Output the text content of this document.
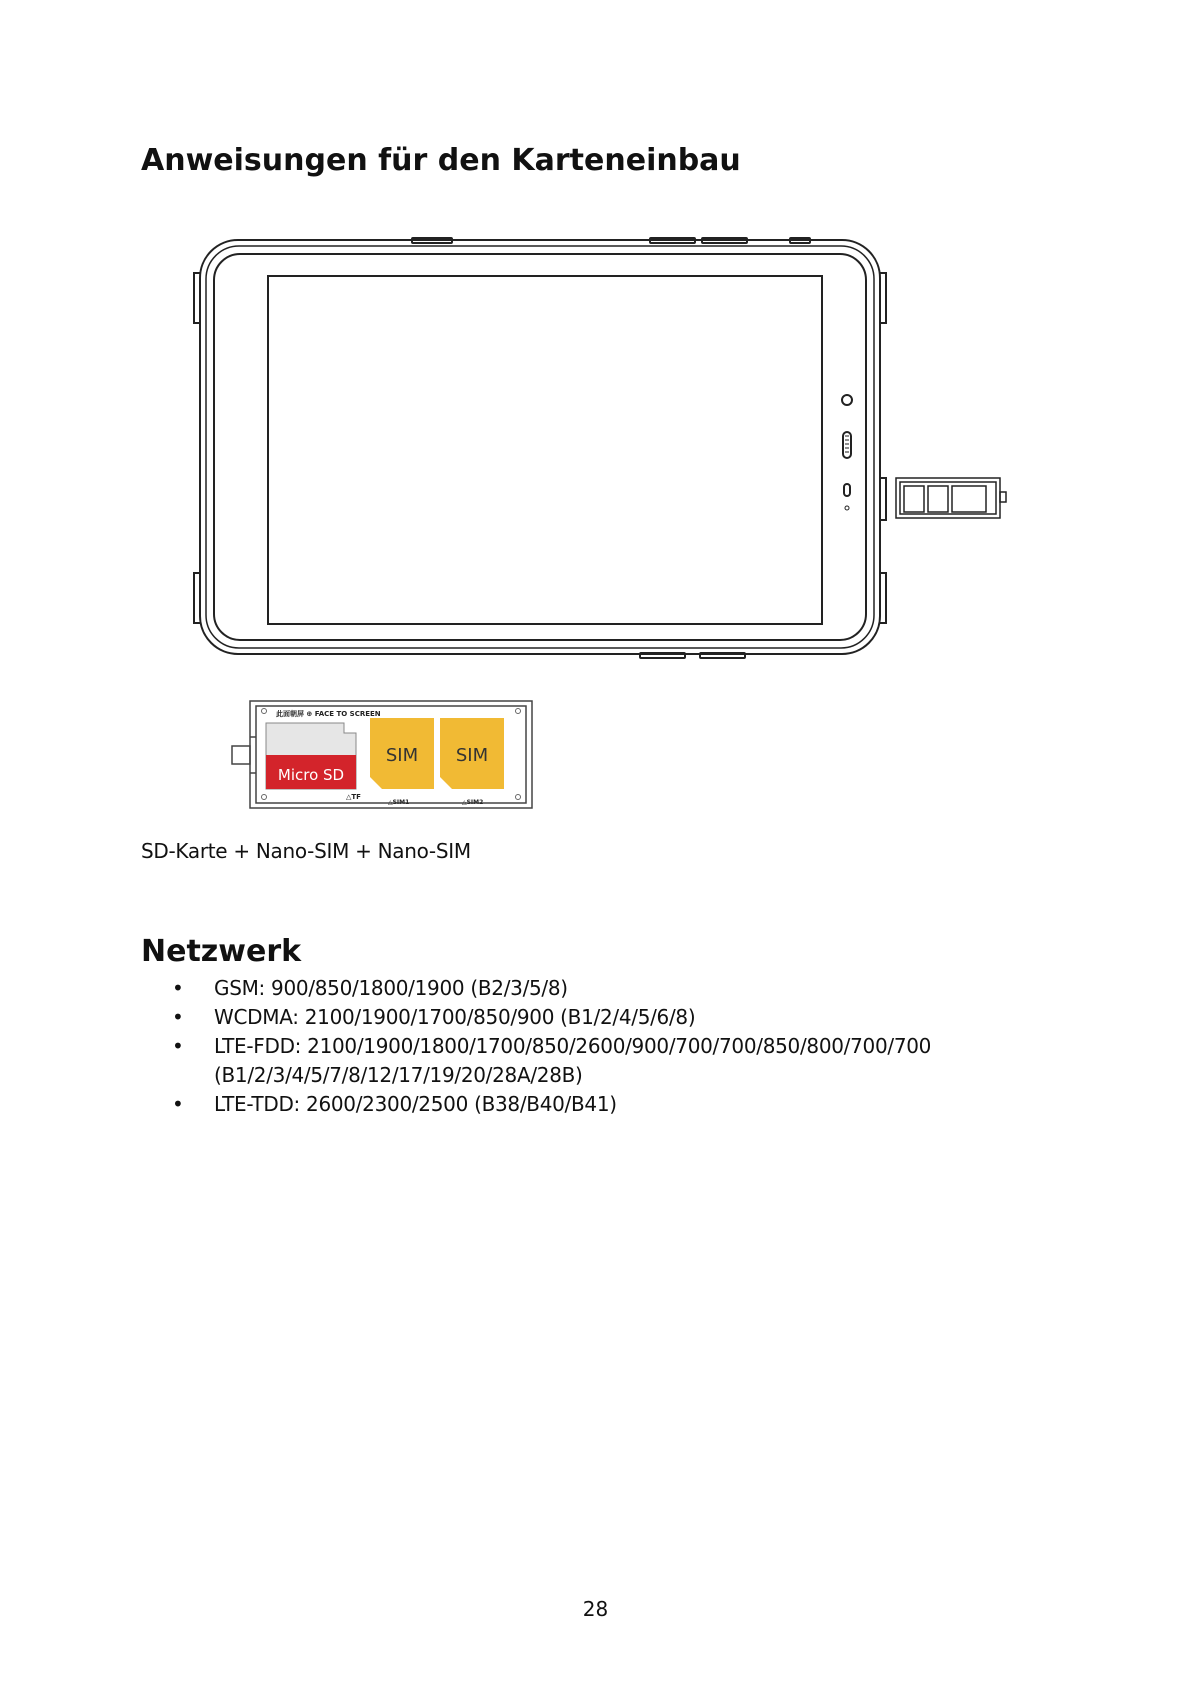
Anweisungen für den Karteneinbau
此面朝屏 ⊕ FACE TO SCREEN
Micro SD
△TF
SIM
△SIM1
SIM
△SIM2
SD-Karte + Nano-SIM + Nano-SIM
Netzwerk
• GSM: 900/850/1800/1900 (B2/3/5/8)
• WCDMA: 2100/1900/1700/850/900 (B1/2/4/5/6/8)
• LTE-FDD: 2100/1900/1800/1700/850/2600/900/700/700/850/800/700/700 (B1/2/3/4/5/7/8/12/17/19/20/28A/28B)
• LTE-TDD: 2600/2300/2500 (B38/B40/B41)
28
